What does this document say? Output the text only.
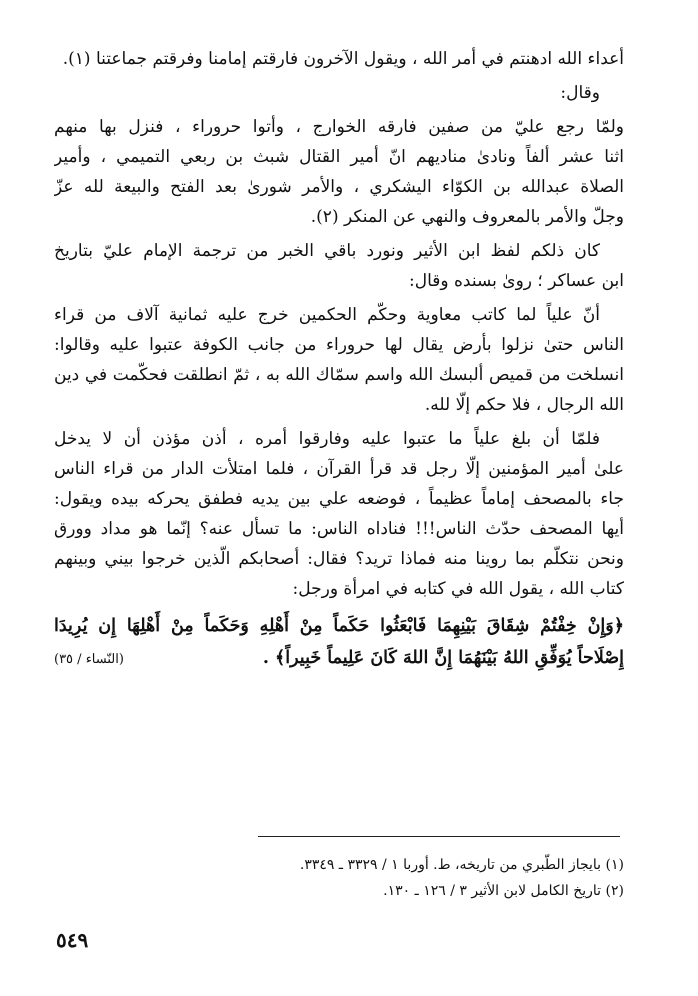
أعداء الله ادهنتم في أمر الله ، ويقول الآخرون فارقتم إمامنا وفرقتم جماعتنا (١).
وقال:
ولمّا رجع عليّ من صفين فارقه الخوارج ، وأتوا حروراء ، فنزل بها منهم
اثنا عشر ألفاً ونادىٰ مناديهم انّ أمير القتال شبث بن ربعي التميمي ، وأمير
الصلاة عبدالله بن الكوّاء اليشكري ، والأمر شورىٰ بعد الفتح والبيعة لله عزّ
وجلّ والأمر بالمعروف والنهي عن المنكر (٢).
كان ذلكم لفظ ابن الأثير ونورد باقي الخبر من ترجمة الإمام عليّ بتاريخ
ابن عساكر ؛ روىٰ بسنده وقال:
أنّ علياً لما كاتب معاوية وحكّم الحكمين خرج عليه ثمانية آلاف من قراء
الناس حتىٰ نزلوا بأرض يقال لها حروراء من جانب الكوفة عتبوا عليه وقالوا:
انسلخت من قميص ألبسك الله واسم سمّاك الله به ، ثمّ انطلقت فحكّمت في دين
الله الرجال ، فلا حكم إلّا لله.
فلمّا أن بلغ علياً ما عتبوا عليه وفارقوا أمره ، أذن مؤذن أن لا يدخل
علىٰ أمير المؤمنين إلّا رجل قد قرأ القرآن ، فلما امتلأت الدار من قراء الناس
جاء بالمصحف إماماً عظيماً ، فوضعه علي بين يديه فطفق يحركه بيده ويقول:
أيها المصحف حدّث الناس!!! فناداه الناس: ما تسأل عنه؟ إنّما هو مداد وورق
ونحن نتكلّم بما روينا منه فماذا تريد؟ فقال: أصحابكم الّذين خرجوا بيني وبينهم
كتاب الله ، يقول الله في كتابه في امرأة ورجل:
﴿وَإِنْ خِفْتُمْ شِقَاقَ بَيْنِهِمَا فَابْعَثُوا حَكَماً مِنْ أَهْلِهِ وَحَكَماً مِنْ أَهْلِهَا إِن يُرِيدَا
إِصْلَاحاً يُوَفِّقِ اللهُ بَيْنَهُمَا إِنَّ اللهَ كَانَ عَلِيماً خَبِيراً﴾ .
(النّساء / ٣٥)
(١) بايجاز الطّبري من تاريخه، ط. أوربا ١ / ٣٣٢٩ ـ ٣٣٤٩.
(٢) تاريخ الكامل لابن الأثير ٣ / ١٢٦ ـ ١٣٠.
٥٤٩
